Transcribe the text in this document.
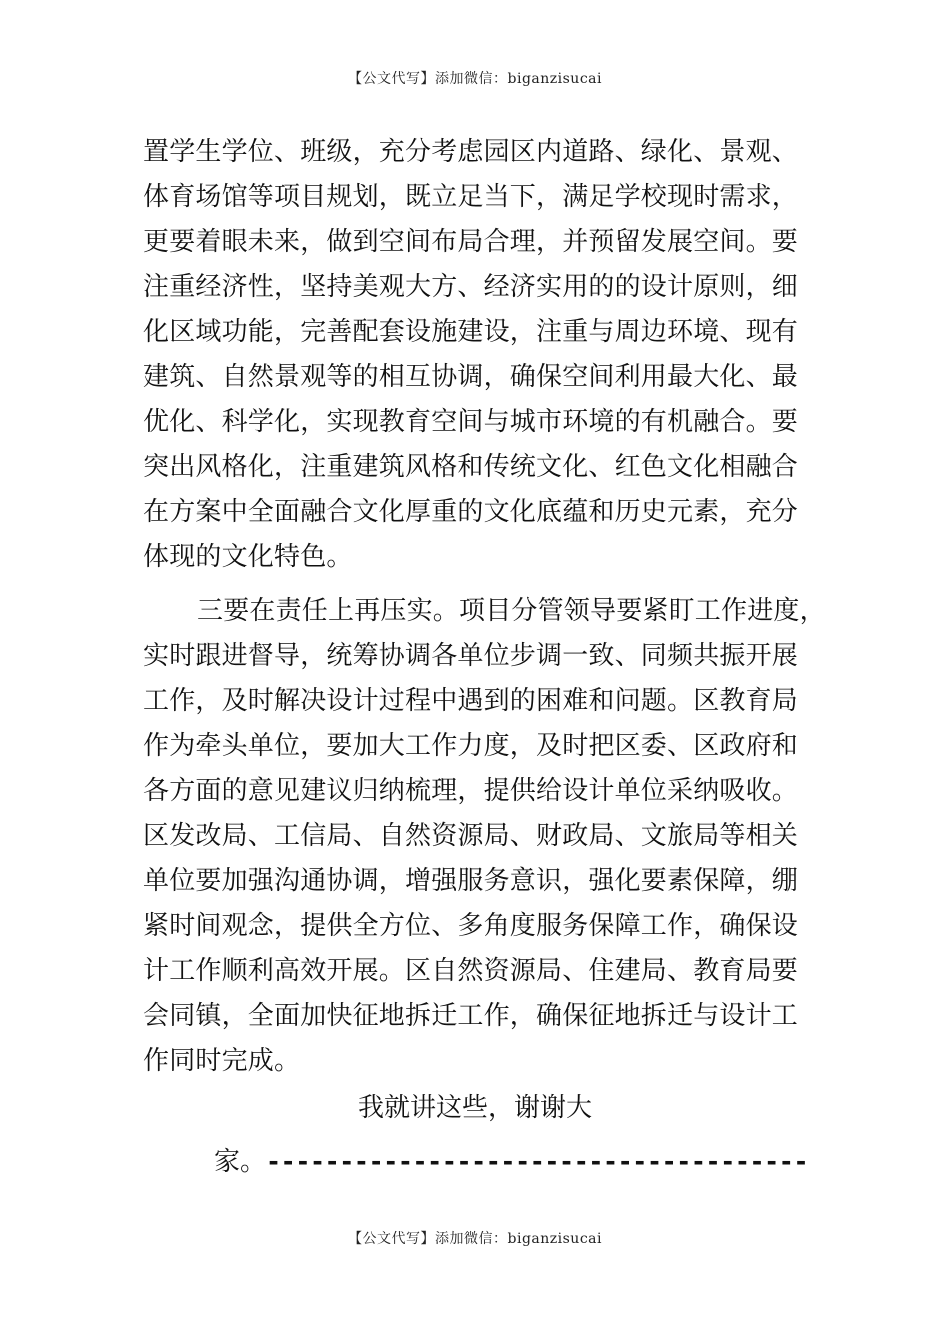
【公文代写】添加微信：biganzisucai
置学生学位、班级，充分考虑园区内道路、绿化、景观、
体育场馆等项目规划，既立足当下，满足学校现时需求，
更要着眼未来，做到空间布局合理，并预留发展空间。要
注重经济性，坚持美观大方、经济实用的的设计原则，细
化区域功能，完善配套设施建设，注重与周边环境、现有
建筑、自然景观等的相互协调，确保空间利用最大化、最
优化、科学化，实现教育空间与城市环境的有机融合。要
突出风格化，注重建筑风格和传统文化、红色文化相融合
在方案中全面融合文化厚重的文化底蕴和历史元素，充分
体现的文化特色。
三要在责任上再压实。项目分管领导要紧盯工作进度，
实时跟进督导，统筹协调各单位步调一致、同频共振开展
工作，及时解决设计过程中遇到的困难和问题。区教育局
作为牵头单位，要加大工作力度，及时把区委、区政府和
各方面的意见建议归纳梳理，提供给设计单位采纳吸收。
区发改局、工信局、自然资源局、财政局、文旅局等相关
单位要加强沟通协调，增强服务意识，强化要素保障，绷
紧时间观念，提供全方位、多角度服务保障工作，确保设
计工作顺利高效开展。区自然资源局、住建局、教育局要
会同镇，全面加快征地拆迁工作，确保征地拆迁与设计工
作同时完成。
我就讲这些，谢谢大
家。-------------------------------------
【公文代写】添加微信：biganzisucai
